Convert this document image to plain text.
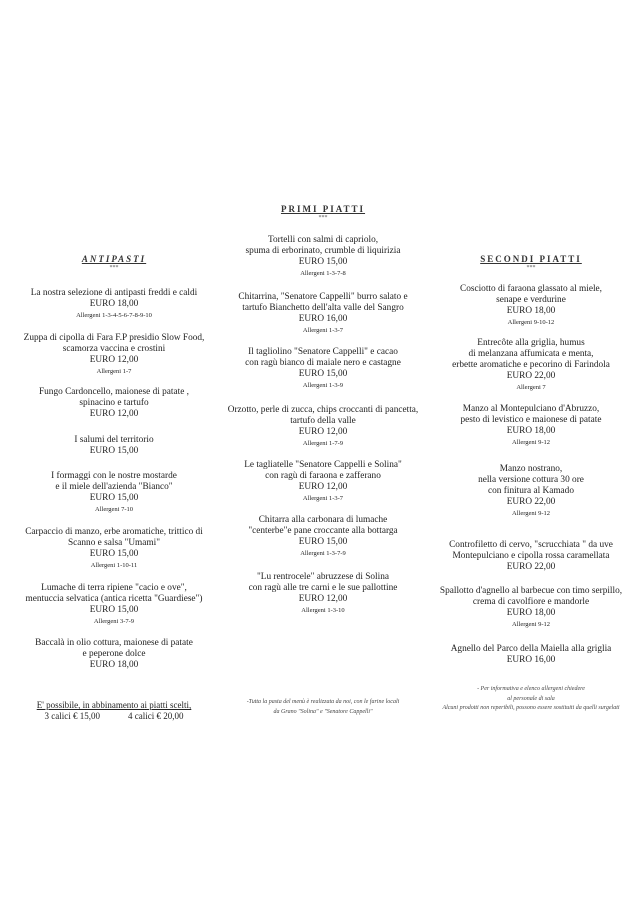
ANTIPASTI
***
E' possibile, in abbinamento ai piatti scelti,
3 calici € 15,00	4 calici € 20,00
La nostra selezione di antipasti freddi e caldi
EURO 18,00
Allergeni 1-3-4-5-6-7-8-9-10
Zuppa di cipolla di Fara F.P presidio Slow Food,
scamorza vaccina e crostini
EURO 12,00
Allergeni 1-7
Fungo Cardoncello, maionese di patate ,
spinacino e tartufo
EURO 12,00
I salumi del territorio
EURO 15,00
I formaggi con le nostre mostarde
e il miele dell'azienda "Bianco"
EURO 15,00
Allergeni 7-10
Carpaccio di manzo, erbe aromatiche, trittico di
Scanno e salsa "Umami"
EURO 15,00
Allergeni 1-10-11
Lumache di terra ripiene "cacio e ove",
mentuccia selvatica (antica ricetta "Guardiese")
EURO 15,00
Allergeni 3-7-9
Baccalà in olio cottura, maionese di patate
e peperone dolce
EURO 18,00
PRIMI PIATTI
***
-Tutta la pasta del menù è realizzata da noi, con le farine locali
da Grano "Solina" e "Senatore Cappelli"
Tortelli con salmi di capriolo,
spuma di erborinato, crumble di liquirizia
EURO 15,00
Allergeni 1-3-7-8
Chitarrina, "Senatore Cappelli" burro salato e
tartufo Bianchetto dell'alta valle del Sangro
EURO 16,00
Allergeni 1-3-7
Il tagliolino "Senatore Cappelli" e cacao
con ragù bianco di maiale nero e castagne
EURO 15,00
Allergeni 1-3-9
Orzotto, perle di zucca, chips croccanti di pancetta,
tartufo della valle
EURO 12,00
Allergeni 1-7-9
Le tagliatelle "Senatore Cappelli e Solina"
con ragù di faraona e zafferano
EURO 12,00
Allergeni 1-3-7
Chitarra alla carbonara di lumache
"centerbe"e pane croccante alla bottarga
EURO 15,00
Allergeni 1-3-7-9
"Lu rentrocele" abruzzese di Solina
con ragù alle tre carni e le sue pallottine
EURO 12,00
Allergeni 1-3-10
SECONDI PIATTI
***
- Per informativa e elenco allergeni chiedere
al personale di sala
Alcuni prodotti non reperibili, possono essere sostituiti da quelli surgelati
Cosciotto di faraona glassato al miele,
senape e verdurine
EURO 18,00
Allergeni 9-10-12
Entrecôte alla griglia, humus
di melanzana affumicata e menta,
erbette aromatiche e pecorino di Farindola
EURO 22,00
Allergeni 7
Manzo al Montepulciano d'Abruzzo,
pesto di levistico e maionese di patate
EURO 18,00
Allergeni 9-12
Manzo nostrano,
nella versione cottura 30 ore
con finitura al Kamado
EURO 22,00
Allergeni 9-12
Controfiletto di cervo, "scrucchiata " da uve
Montepulciano e cipolla rossa caramellata
EURO 22,00
Spallotto d'agnello al barbecue con timo serpillo,
crema di cavolfiore e mandorle
EURO 18,00
Allergeni 9-12
Agnello del Parco della Maiella alla griglia
EURO 16,00
